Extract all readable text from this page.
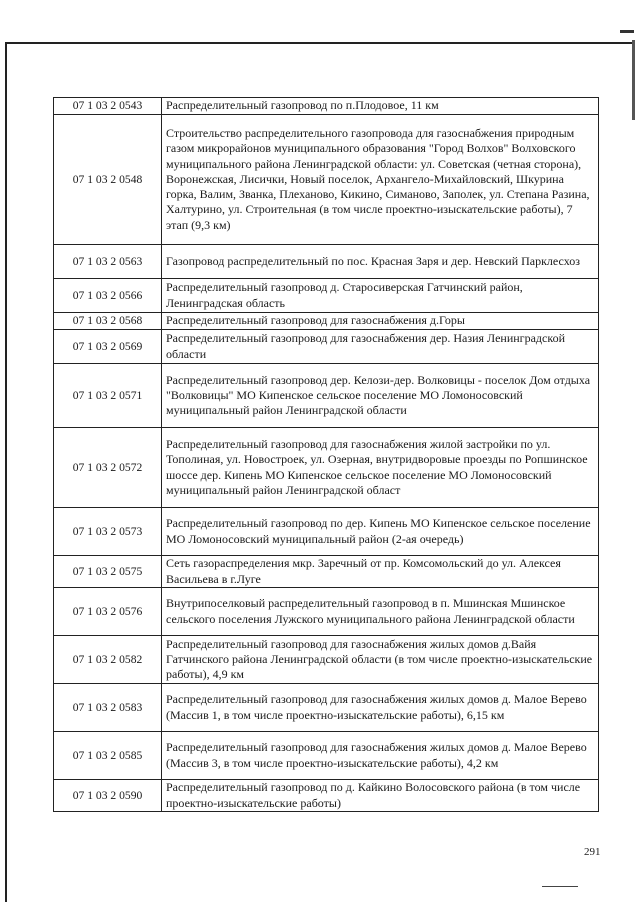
07 1 03 2 0543	Распределительный газопровод по п.Плодовое, 11 км
07 1 03 2 0548	Строительство распределительного газопровода для газоснабжения природным газом микрорайонов муниципального образования "Город Волхов" Волховского муниципального района Ленинградской области: ул. Советская (четная сторона), Воронежская, Лисички, Новый поселок, Архангело-Михайловский, Шкурина горка, Валим, Званка, Плеханово, Кикино, Симаново, Заполек, ул. Степана Разина, Халтурино, ул. Строительная (в том числе проектно-изыскательские работы), 7 этап (9,3 км)
07 1 03 2 0563	Газопровод распределительный по пос. Красная Заря и дер. Невский Парклесхоз
07 1 03 2 0566	Распределительный газопровод д. Старосиверская Гатчинский район, Ленинградская область
07 1 03 2 0568	Распределительный газопровод для газоснабжения д.Горы
07 1 03 2 0569	Распределительный газопровод для газоснабжения дер. Назия Ленинградской области
07 1 03 2 0571	Распределительный газопровод дер. Келози-дер. Волковицы - поселок Дом отдыха "Волковицы" МО Кипенское сельское поселение МО Ломоносовский муниципальный район Ленинградской области
07 1 03 2 0572	Распределительный газопровод для газоснабжения жилой застройки по ул. Тополиная, ул. Новостроек, ул. Озерная, внутридворовые проезды по Ропшинское шоссе дер. Кипень МО Кипенское сельское поселение МО Ломоносовский муниципальный район Ленинградской област
07 1 03 2 0573	Распределительный газопровод по дер. Кипень МО Кипенское сельское поселение МО Ломоносовский муниципальный район (2-ая очередь)
07 1 03 2 0575	Сеть газораспределения мкр. Заречный от пр. Комсомольский до ул. Алексея Васильева в г.Луге
07 1 03 2 0576	Внутрипоселковый распределительный газопровод в п. Мшинская Мшинское сельского поселения Лужского муниципального района Ленинградской области
07 1 03 2 0582	Распределительный газопровод для газоснабжения жилых домов д.Вайя Гатчинского района Ленинградской области (в том числе проектно-изыскательские работы), 4,9 км
07 1 03 2 0583	Распределительный газопровод для газоснабжения жилых домов д. Малое Верево (Массив 1, в том числе проектно-изыскательские работы), 6,15 км
07 1 03 2 0585	Распределительный газопровод для газоснабжения жилых домов д. Малое Верево (Массив 3, в том числе проектно-изыскательские работы), 4,2 км
07 1 03 2 0590	Распределительный газопровод по д. Кайкино Волосовского района (в том числе проектно-изыскательские работы)
291
